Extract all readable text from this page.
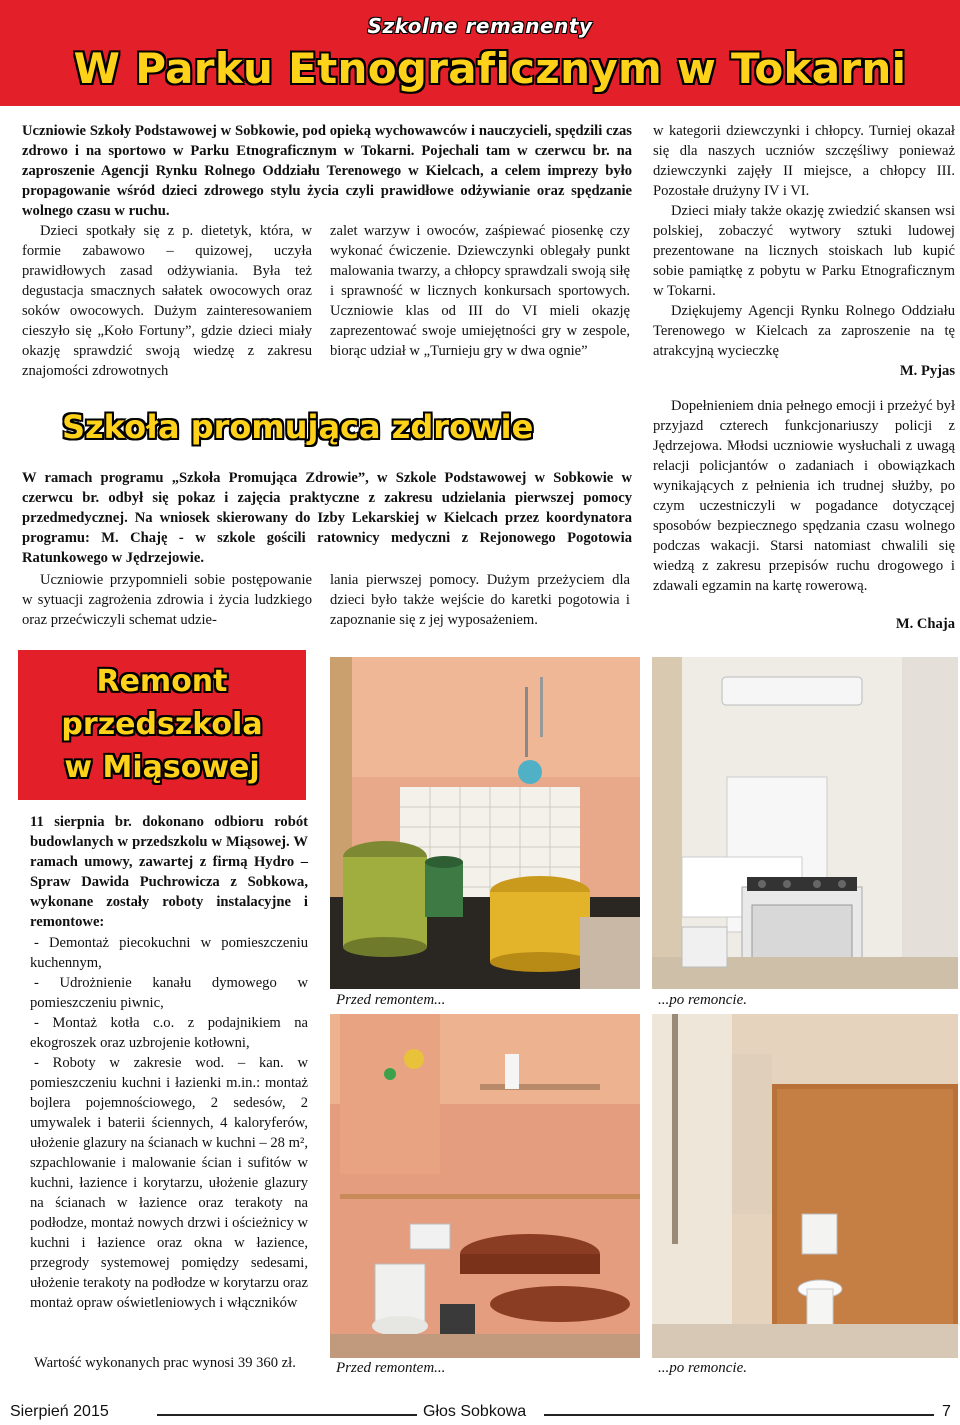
Szkolne remanenty
W Parku Etnograficznym w Tokarni
Uczniowie Szkoły Podstawowej w Sobkowie, pod opieką wychowawców i nauczycieli, spędzili czas zdrowo i na sportowo w Parku Etnograficznym w Tokarni. Pojechali tam w czerwcu br. na zaproszenie Agencji Rynku Rolnego Oddziału Terenowego w Kielcach, a celem imprezy było propagowanie wśród dzieci zdrowego stylu życia czyli prawidłowe odżywianie oraz spędzanie wolnego czasu w ruchu.
Dzieci spotkały się z p. dietetyk, która, w formie zabawowo – quizowej, uczyła prawidłowych zasad odżywiania. Była też degustacja smacznych sałatek owocowych oraz soków owocowych. Dużym zainteresowaniem cieszyło się „Koło Fortuny”, gdzie dzieci miały okazję sprawdzić swoją wiedzę z zakresu znajomości zdrowotnych
zalet warzyw i owoców, zaśpiewać piosenkę czy wykonać ćwiczenie. Dziewczynki oblegały punkt malowania twarzy, a chłopcy sprawdzali swoją siłę i sprawność w licznych konkursach sportowych. Uczniowie klas od III do VI mieli okazję zaprezentować swoje umiejętności gry w zespole, biorąc udział w „Turnieju gry w dwa ognie”
w kategorii dziewczynki i chłopcy. Turniej okazał się dla naszych uczniów szczęśliwy ponieważ dziewczynki zajęły II miejsce, a chłopcy III. Pozostałe drużyny IV i VI.
Dzieci miały także okazję zwiedzić skansen wsi polskiej, zobaczyć wytwory sztuki ludowej prezentowane na licznych stoiskach lub kupić sobie pamiątkę z pobytu w Parku Etnograficznym w Tokarni.
Dziękujemy Agencji Rynku Rolnego Oddziału Terenowego w Kielcach za zaproszenie na tę atrakcyjną wycieczkę
M. Pyjas
Szkoła promująca zdrowie
W ramach programu „Szkoła Promująca Zdrowie”, w Szkole Podstawowej w Sobkowie w czerwcu br. odbył się pokaz i zajęcia praktyczne z zakresu udzielania pierwszej pomocy przedmedycznej. Na wniosek skierowany do Izby Lekarskiej w Kielcach przez koordynatora programu: M. Chaję - w szkole gościli ratownicy medyczni z Rejonowego Pogotowia Ratunkowego w Jędrzejowie.
Uczniowie przypomnieli sobie postępowanie w sytuacji zagrożenia zdrowia i życia ludzkiego oraz przećwiczyli schemat udzie-
lania pierwszej pomocy. Dużym przeżyciem dla dzieci było także wejście do karetki pogotowia i zapoznanie się z jej wyposażeniem.
Dopełnieniem dnia pełnego emocji i przeżyć był przyjazd czterech funkcjonariuszy policji z Jędrzejowa. Młodsi uczniowie wysłuchali z uwagą relacji policjantów o zadaniach i obowiązkach wynikających z pełnienia ich trudnej służby, po czym uczestniczyli w pogadance dotyczącej sposobów bezpiecznego spędzania czasu wolnego podczas wakacji. Starsi natomiast chwalili się wiedzą z zakresu przepisów ruchu drogowego i zdawali egzamin na kartę rowerową.
M. Chaja
Remont
przedszkola
w Miąsowej
11 sierpnia br. dokonano odbioru robót budowlanych w przedszkolu w Miąsowej. W ramach umowy, zawartej z firmą Hydro – Spraw Dawida Puchrowicza z Sobkowa, wykonane zostały roboty instalacyjne i remontowe:
- Demontaż piecokuchni w pomieszczeniu kuchennym,
- Udrożnienie kanału dymowego w pomieszczeniu piwnic,
- Montaż kotła c.o. z podajnikiem na ekogroszek oraz uzbrojenie kotłowni,
- Roboty w zakresie wod. – kan. w pomieszczeniu kuchni i łazienki m.in.: montaż bojlera pojemnościowego, 2 sedesów, 2 umywalek i baterii ściennych, 4 kaloryferów, ułożenie glazury na ścianach w kuchni – 28 m², szpachlowanie i malowanie ścian i sufitów w kuchni, łazience i korytarzu, ułożenie glazury na ścianach w łazience oraz terakoty na podłodze, montaż nowych drzwi i ościeżnicy w kuchni i łazience oraz okna w łazience, przegrody systemowej pomiędzy sedesami, ułożenie terakoty na podłodze w korytarzu oraz montaż opraw oświetleniowych i włączników
Wartość wykonanych prac wynosi 39 360 zł.
Przed remontem...	...po remoncie.
Przed remontem...	...po remoncie.
Sierpień 2015	Głos Sobkowa	7
